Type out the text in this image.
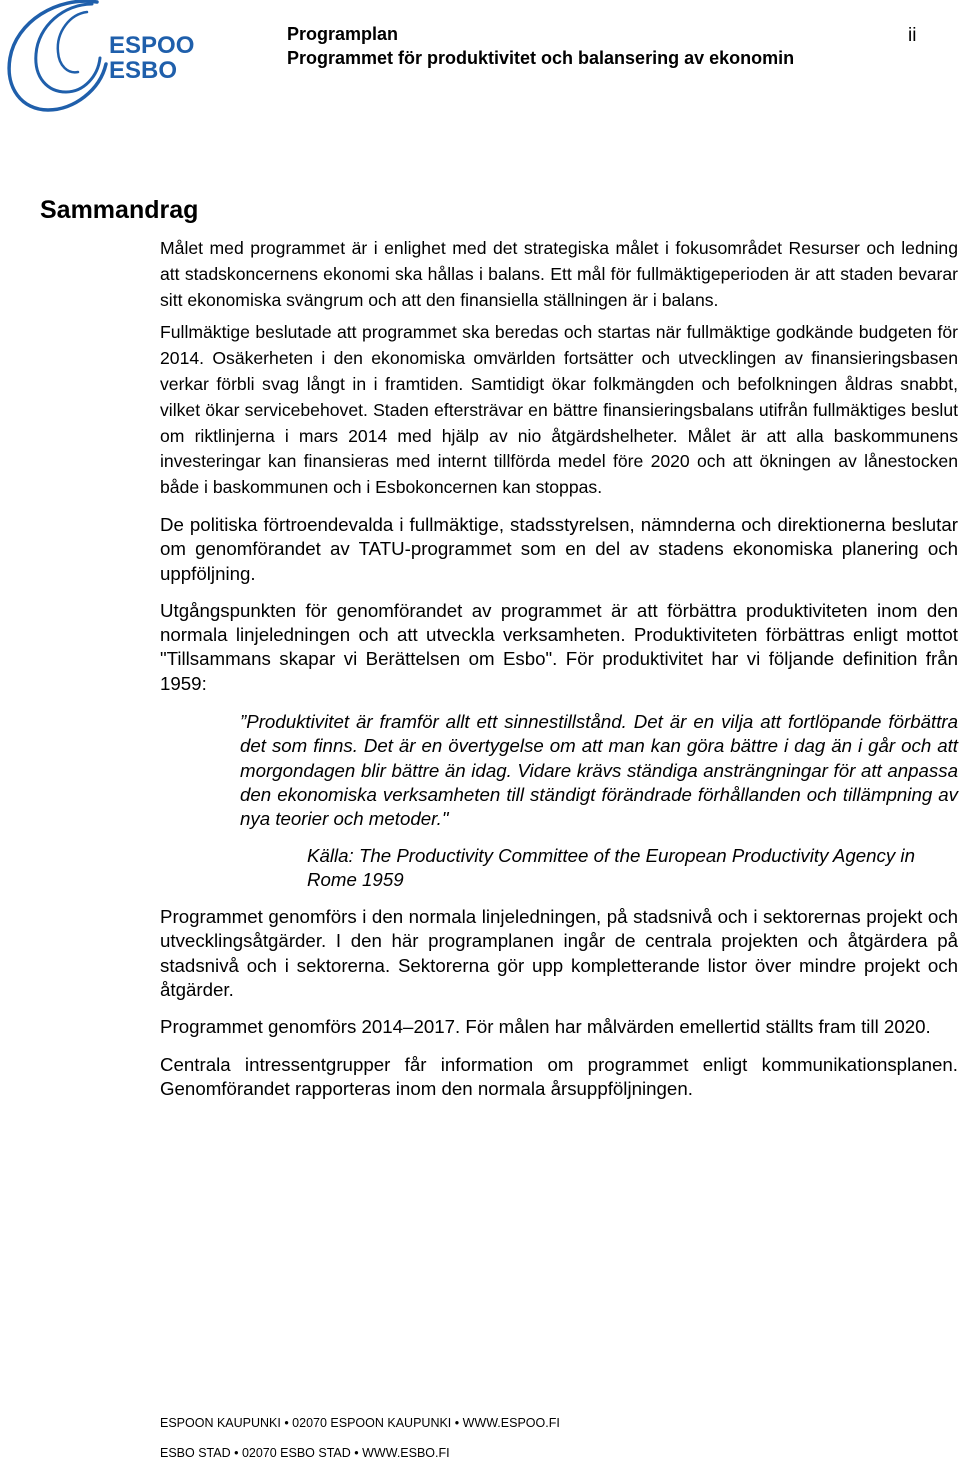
ESPOO
ESBO
Programplan
Programmet för produktivitet och balansering av ekonomin
ii
Sammandrag

Målet med programmet är i enlighet med det strategiska målet i fokusområdet Resurser och ledning att stadskoncernens ekonomi ska hållas i balans. Ett mål för fullmäktigeperioden är att staden bevarar sitt ekonomiska svängrum och att den finansiella ställningen är i balans.

Fullmäktige beslutade att programmet ska beredas och startas när fullmäktige godkände budgeten för 2014. Osäkerheten i den ekonomiska omvärlden fortsätter och utvecklingen av finansieringsbasen verkar förbli svag långt in i framtiden. Samtidigt ökar folkmängden och befolkningen åldras snabbt, vilket ökar servicebehovet. Staden eftersträvar en bättre finansieringsbalans utifrån fullmäktiges beslut om riktlinjerna i mars 2014 med hjälp av nio åtgärdshelheter. Målet är att alla baskommunens investeringar kan finansieras med internt tillförda medel före 2020 och att ökningen av lånestocken både i baskommunen och i Esbokoncernen kan stoppas.

De politiska förtroendevalda i fullmäktige, stadsstyrelsen, nämnderna och direktionerna beslutar om genomförandet av TATU-programmet som en del av stadens ekonomiska planering och uppföljning.

Utgångspunkten för genomförandet av programmet är att förbättra produktiviteten inom den normala linjeledningen och att utveckla verksamheten. Produktiviteten förbättras enligt mottot "Tillsammans skapar vi Berättelsen om Esbo". För produktivitet har vi följande definition från 1959:

”Produktivitet är framför allt ett sinnestillstånd. Det är en vilja att fortlöpande förbättra det som finns. Det är en övertygelse om att man kan göra bättre i dag än i går och att morgondagen blir bättre än idag. Vidare krävs ständiga ansträngningar för att anpassa den ekonomiska verksamheten till ständigt förändrade förhållanden och tillämpning av nya teorier och metoder."

Källa: The Productivity Committee of the European Productivity Agency in Rome 1959

Programmet genomförs i den normala linjeledningen, på stadsnivå och i sektorernas projekt och utvecklingsåtgärder. I den här programplanen ingår de centrala projekten och åtgärdera på stadsnivå och i sektorerna. Sektorerna gör upp kompletterande listor över mindre projekt och åtgärder.

Programmet genomförs 2014–2017. För målen har målvärden emellertid ställts fram till 2020.

Centrala intressentgrupper får information om programmet enligt kommunikationsplanen. Genomförandet rapporteras inom den normala årsuppföljningen.

ESPOON KAUPUNKI • 02070 ESPOON KAUPUNKI • WWW.ESPOO.FI
ESBO STAD • 02070 ESBO STAD • WWW.ESBO.FI
